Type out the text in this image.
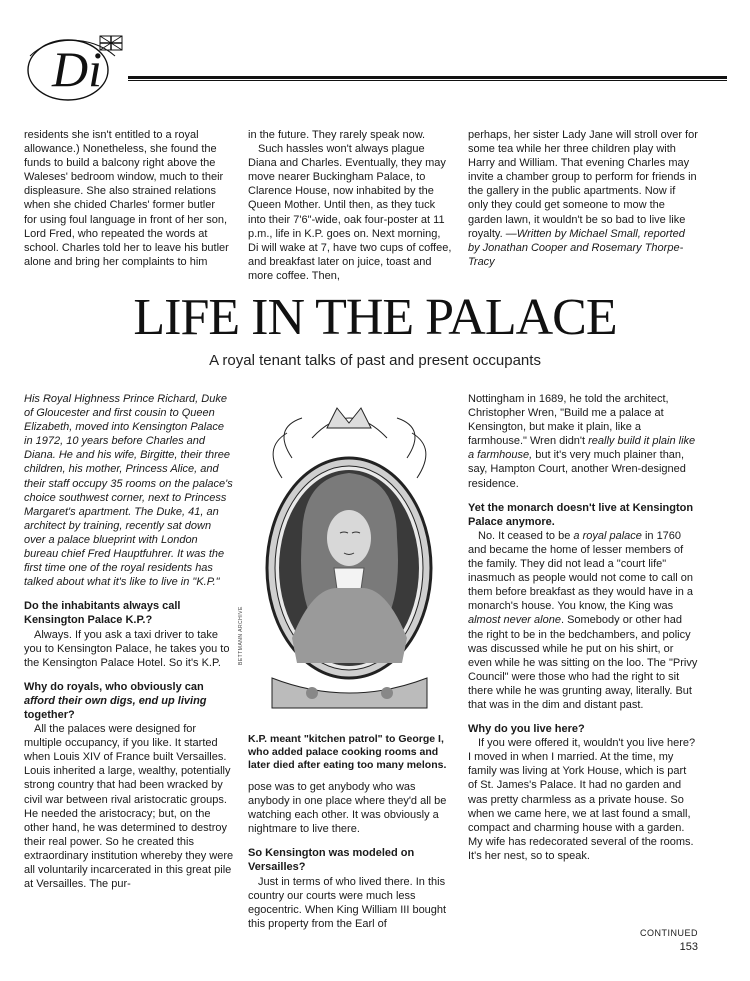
Di

residents she isn't entitled to a royal allowance.) Nonetheless, she found the funds to build a balcony right above the Waleses' bedroom window, much to their displeasure. She also strained relations when she chided Charles' former butler for using foul language in front of her son, Lord Fred, who repeated the words at school. Charles told her to leave his butler alone and bring her complaints to him

in the future. They rarely speak now.

Such hassles won't always plague Diana and Charles. Eventually, they may move nearer Buckingham Palace, to Clarence House, now inhabited by the Queen Mother. Until then, as they tuck into their 7'6"-wide, oak four-poster at 11 p.m., life in K.P. goes on. Next morning, Di will wake at 7, have two cups of coffee, and breakfast later on juice, toast and more coffee. Then,

perhaps, her sister Lady Jane will stroll over for some tea while her three children play with Harry and William. That evening Charles may invite a chamber group to perform for friends in the gallery in the public apartments. Now if only they could get someone to mow the garden lawn, it wouldn't be so bad to live like royalty. —Written by Michael Small, reported by Jonathan Cooper and Rosemary Thorpe-Tracy

LIFE IN THE PALACE
A royal tenant talks of past and present occupants

His Royal Highness Prince Richard, Duke of Gloucester and first cousin to Queen Elizabeth, moved into Kensington Palace in 1972, 10 years before Charles and Diana. He and his wife, Birgitte, their three children, his mother, Princess Alice, and their staff occupy 35 rooms on the palace's choice southwest corner, next to Princess Margaret's apartment. The Duke, 41, an architect by training, recently sat down over a palace blueprint with London bureau chief Fred Hauptfuhrer. It was the first time one of the royal residents has talked about what it's like to live in "K.P."

Do the inhabitants always call Kensington Palace K.P.?

Always. If you ask a taxi driver to take you to Kensington Palace, he takes you to the Kensington Palace Hotel. So it's K.P.

Why do royals, who obviously can afford their own digs, end up living together?

All the palaces were designed for multiple occupancy, if you like. It started when Louis XIV of France built Versailles. Louis inherited a large, wealthy, potentially strong country that had been wracked by civil war between rival aristocratic groups. He needed the aristocracy; but, on the other hand, he was determined to destroy their real power. So he created this extraordinary institution whereby they were all voluntarily incarcerated in this great pile at Versailles. The pur-

BETTMANN ARCHIVE
K.P. meant "kitchen patrol" to George I, who added palace cooking rooms and later died after eating too many melons.

pose was to get anybody who was anybody in one place where they'd all be watching each other. It was obviously a nightmare to live there.

So Kensington was modeled on Versailles?

Just in terms of who lived there. In this country our courts were much less egocentric. When King William III bought this property from the Earl of

Nottingham in 1689, he told the architect, Christopher Wren, "Build me a palace at Kensington, but make it plain, like a farmhouse." Wren didn't really build it plain like a farmhouse, but it's very much plainer than, say, Hampton Court, another Wren-designed residence.

Yet the monarch doesn't live at Kensington Palace anymore.

No. It ceased to be a royal palace in 1760 and became the home of lesser members of the family. They did not lead a "court life" inasmuch as people would not come to call on them before breakfast as they would have in a monarch's house. You know, the King was almost never alone. Somebody or other had the right to be in the bedchambers, and policy was discussed while he put on his shirt, or even while he was sitting on the loo. The "Privy Council" were those who had the right to sit there while he was grunting away, literally. But that was in the dim and distant past.

Why do you live here?

If you were offered it, wouldn't you live here? I moved in when I married. At the time, my family was living at York House, which is part of St. James's Palace. It had no garden and was pretty charmless as a private house. So when we came here, we at last found a small, compact and charming house with a garden. My wife has redecorated several of the rooms. It's her nest, so to speak.

CONTINUED
153
